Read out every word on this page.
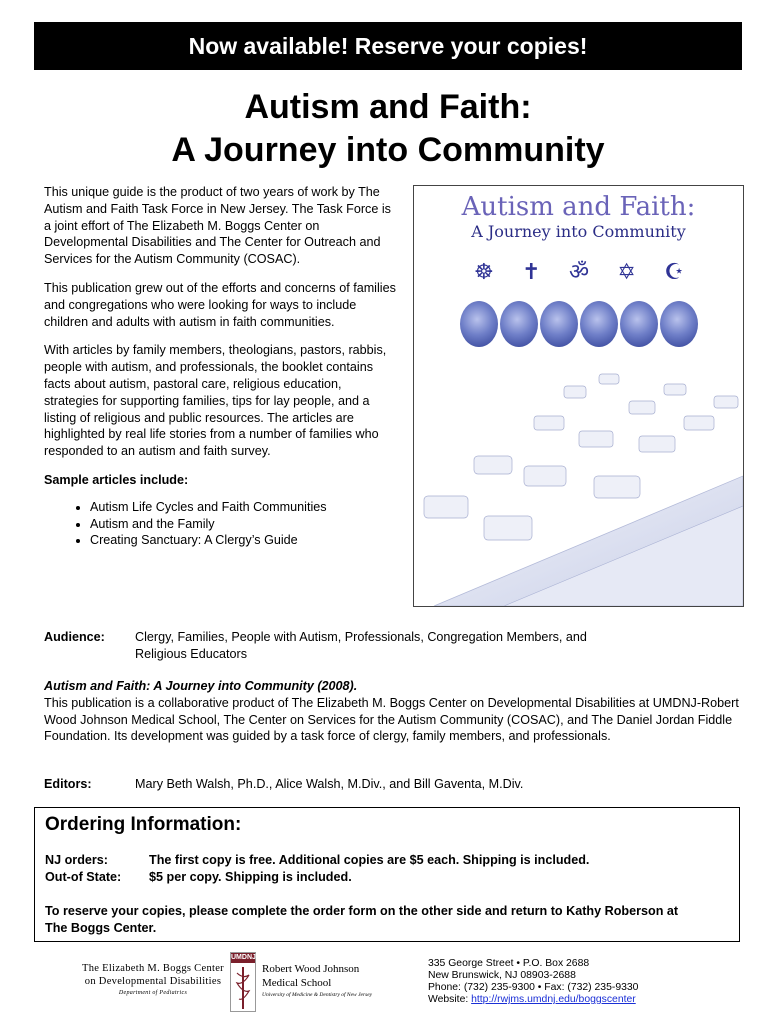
Now available! Reserve your copies!
Autism and Faith:
A Journey into Community

This unique guide is the product of two years of work by The Autism and Faith Task Force in New Jersey. The Task Force is a joint effort of The Elizabeth M. Boggs Center on Developmental Disabilities and The Center for Outreach and Services for the Autism Community (COSAC).

This publication grew out of the efforts and concerns of families and congregations who were looking for ways to include children and adults with autism in faith communities.

With articles by family members, theologians, pastors, rabbis, people with autism, and professionals, the booklet contains facts about autism, pastoral care, religious education, strategies for supporting families, tips for lay people, and a listing of religious and public resources. The articles are highlighted by real life stories from a number of families who responded to an autism and faith survey.

Sample articles include:
• Autism Life Cycles and Faith Communities
• Autism and the Family
• Creating Sanctuary: A Clergy’s Guide
Autism and Faith:
A Journey into Community
☸ ✝ ॐ ✡ ☪
Audience: Clergy, Families, People with Autism, Professionals, Congregation Members, and Religious Educators
Autism and Faith: A Journey into Community (2008).
This publication is a collaborative product of The Elizabeth M. Boggs Center on Developmental Disabilities at UMDNJ-Robert Wood Johnson Medical School, The Center on Services for the Autism Community (COSAC), and The Daniel Jordan Fiddle Foundation. Its development was guided by a task force of clergy, family members, and professionals.
Editors:	Mary Beth Walsh, Ph.D., Alice Walsh, M.Div., and Bill Gaventa, M.Div.
Ordering Information:
NJ orders:	The first copy is free. Additional copies are $5 each. Shipping is included.
Out-of State: $5 per copy. Shipping is included.
To reserve your copies, please complete the order form on the other side and return to Kathy Roberson at The Boggs Center.
The Elizabeth M. Boggs Center
on Developmental Disabilities
Department of Pediatrics
UMDNJ
Robert Wood Johnson
Medical School
University of Medicine & Dentistry of New Jersey
335 George Street • P.O. Box 2688
New Brunswick, NJ 08903-2688
Phone: (732) 235-9300 • Fax: (732) 235-9330
Website: http://rwjms.umdnj.edu/boggscenter
